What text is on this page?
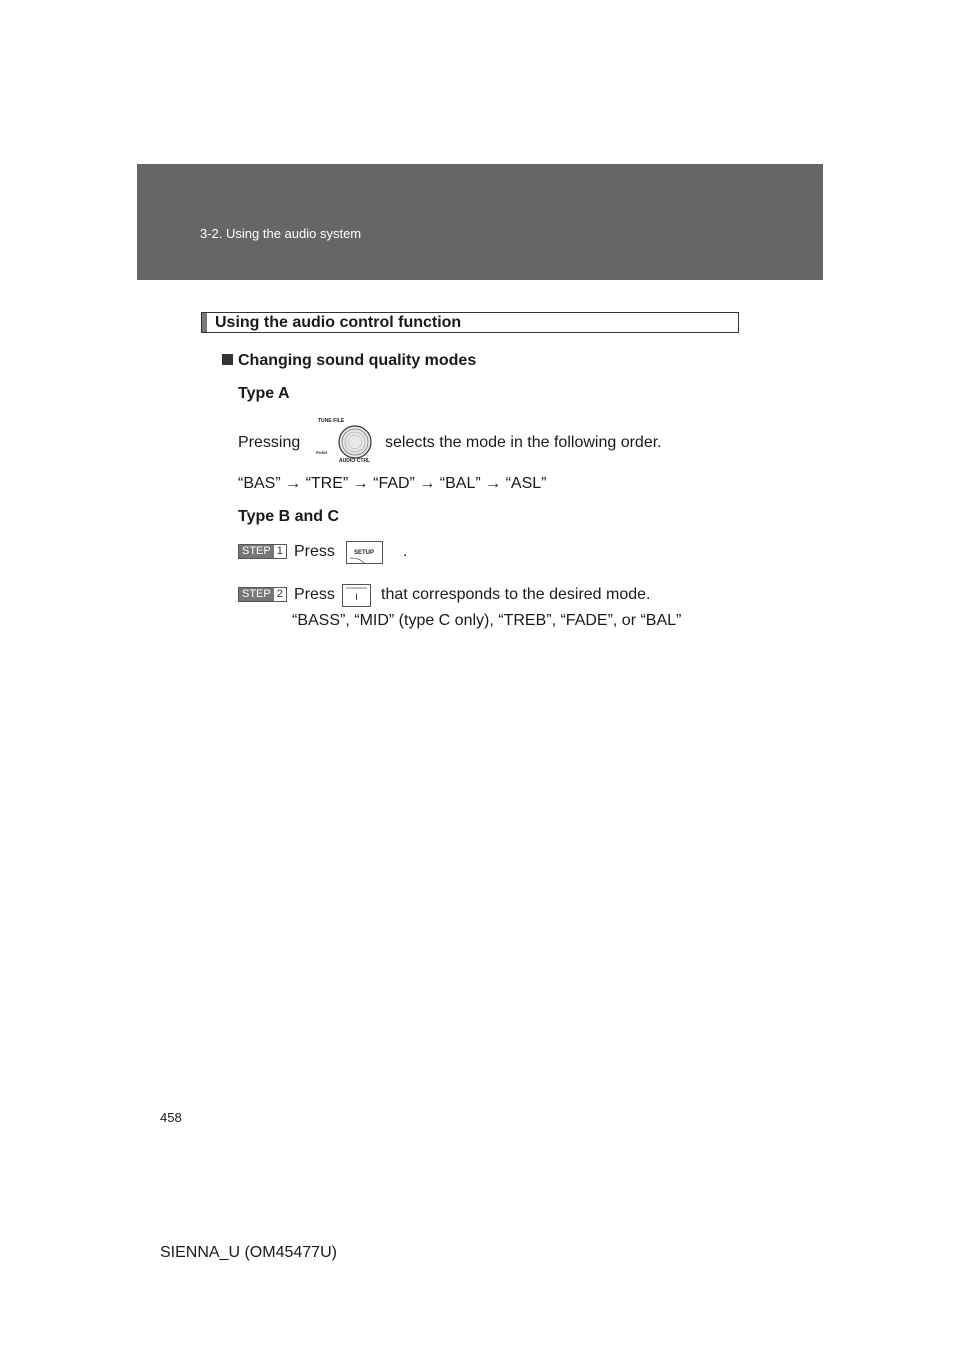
3-2. Using the audio system
Using the audio control function
Changing sound quality modes
Type A
Pressing
TUNE·FILE
PUSH
AUDIO·CTRL
selects the mode in the following order.
“BAS” → “TRE” → “FAD” → “BAL” → “ASL”
Type B and C
STEP 1 Press	SETUP .
STEP 2 Press I that corresponds to the desired mode.
“BASS”, “MID” (type C only), “TREB”, “FADE”, or “BAL”
458
SIENNA_U (OM45477U)
